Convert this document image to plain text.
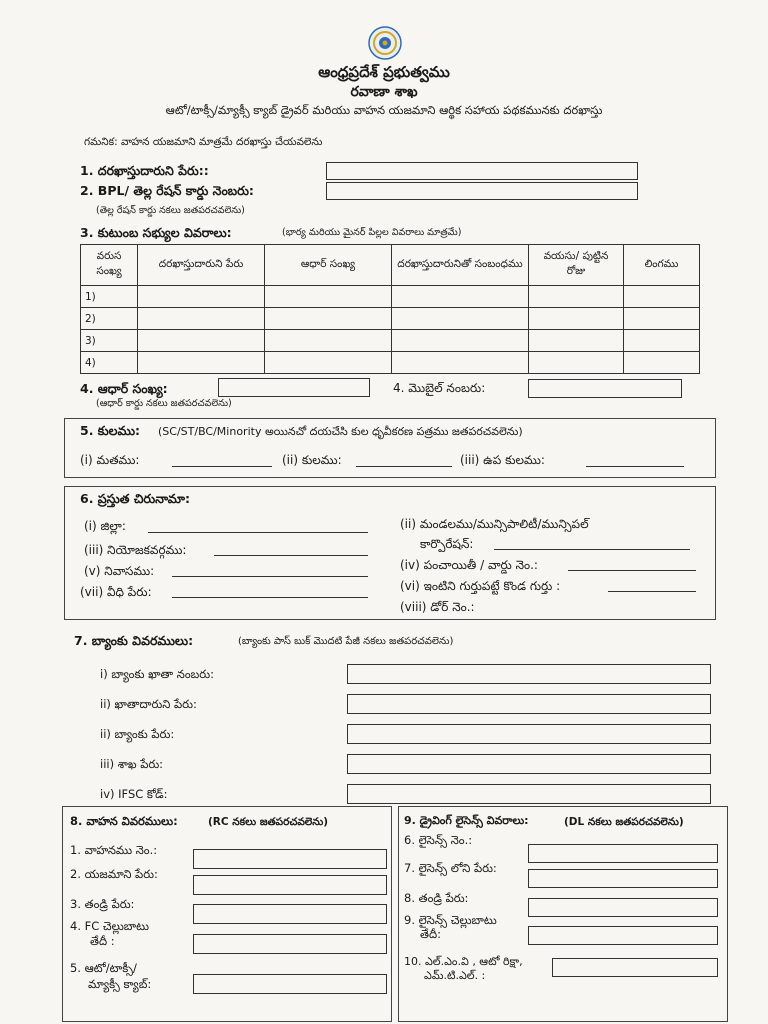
ఆంధ్రప్రదేశ్ ప్రభుత్వము
రవాణా శాఖ
ఆటో/టాక్సీ/మ్యాక్సీ క్యాబ్ డ్రైవర్ మరియు వాహన యజమాని ఆర్థిక సహాయ పథకమునకు దరఖాస్తు
గమనిక: వాహన యజమాని మాత్రమే దరఖాస్తు చేయవలెను
1. దరఖాస్తుదారుని పేరు::
2. BPL/ తెల్ల రేషన్ కార్డు నెంబరు:
(తెల్ల రేషన్ కార్డు నకలు జతపరచవలెను)
3. కుటుంబ సభ్యుల వివరాలు:	(భార్య మరియు మైనర్ పిల్లల వివరాలు మాత్రమే)
వరుస సంఖ్య	దరఖాస్తుదారుని పేరు	ఆధార్ సంఖ్య	దరఖాస్తుదారునితో సంబంధము	వయసు/ పుట్టిన రోజు	లింగము
1)					
2)					
3)					
4)					
4. ఆధార్ సంఖ్య:
(ఆధార్ కార్డు నకలు జతపరచవలెను)
4. మొబైల్ నంబరు:
5. కులము: (SC/ST/BC/Minority అయినచో దయచేసి కుల ధృవీకరణ పత్రము జతపరచవలెను)
(i) మతము:	(ii) కులము:	(iii) ఉప కులము:
6. ప్రస్తుత చిరునామా:
(i) జిల్లా:
(iii) నియోజకవర్గము:
(v) నివాసము:
(vii) వీధి పేరు:
(ii) మండలము/మున్సిపాలిటీ/మున్సిపల్
కార్పొరేషన్:
(iv) పంచాయితీ / వార్డు నెం.:
(vi) ఇంటిని గుర్తుపట్టే కొండ గుర్తు :
(viii) డోర్ నెం.:
7. బ్యాంకు వివరములు:	(బ్యాంకు పాస్ బుక్ మొదటి పేజీ నకలు జతపరచవలెను)
i) బ్యాంకు ఖాతా నంబరు:
ii) ఖాతాదారుని పేరు:
ii) బ్యాంకు పేరు:
iii) శాఖ పేరు:
iv) IFSC కోడ్:
8. వాహన వివరములు:	(RC నకలు జతపరచవలెను)
1. వాహనము నెం.:
2. యజమాని పేరు:
3. తండ్రి పేరు:
4. FC చెల్లుబాటు
తేదీ :
5. ఆటో/టాక్సీ/
మ్యాక్సీ క్యాబ్:
9. డ్రైవింగ్ లైసెన్స్ వివరాలు:	(DL నకలు జతపరచవలెను)
6. లైసెన్స్ నెం.:
7. లైసెన్స్ లోని పేరు:
8. తండ్రి పేరు:
9. లైసెన్స్ చెల్లుబాటు
తేదీ:
10. ఎల్.ఎం.వి , ఆటో రిక్షా,
ఎమ్.టి.ఎల్. :
